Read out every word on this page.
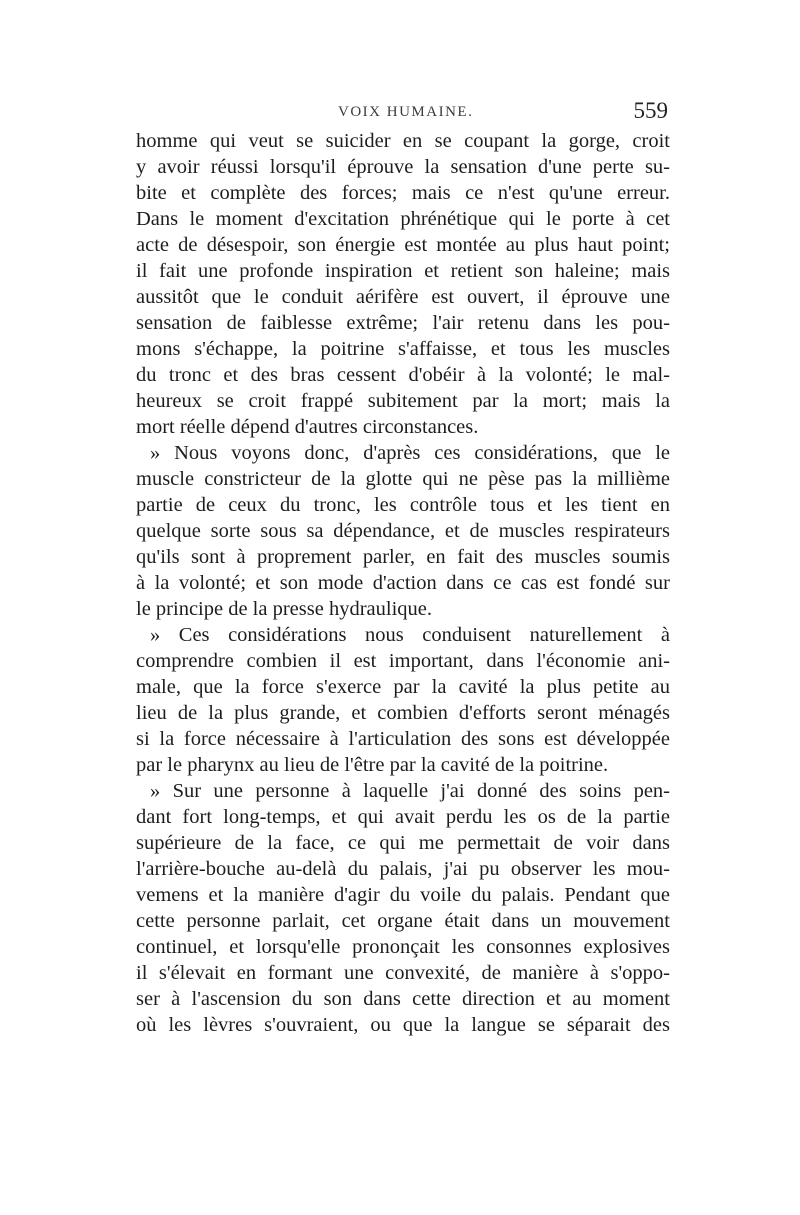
VOIX HUMAINE.	559
homme qui veut se suicider en se coupant la gorge, croit
y avoir réussi lorsqu'il éprouve la sensation d'une perte su-
bite et complète des forces; mais ce n'est qu'une erreur.
Dans le moment d'excitation phrénétique qui le porte à cet
acte de désespoir, son énergie est montée au plus haut point;
il fait une profonde inspiration et retient son haleine; mais
aussitôt que le conduit aérifère est ouvert, il éprouve une
sensation de faiblesse extrême; l'air retenu dans les pou-
mons s'échappe, la poitrine s'affaisse, et tous les muscles
du tronc et des bras cessent d'obéir à la volonté; le mal-
heureux se croit frappé subitement par la mort; mais la
mort réelle dépend d'autres circonstances.
» Nous voyons donc, d'après ces considérations, que le
muscle constricteur de la glotte qui ne pèse pas la millième
partie de ceux du tronc, les contrôle tous et les tient en
quelque sorte sous sa dépendance, et de muscles respirateurs
qu'ils sont à proprement parler, en fait des muscles soumis
à la volonté; et son mode d'action dans ce cas est fondé sur
le principe de la presse hydraulique.
» Ces considérations nous conduisent naturellement à
comprendre combien il est important, dans l'économie ani-
male, que la force s'exerce par la cavité la plus petite au
lieu de la plus grande, et combien d'efforts seront ménagés
si la force nécessaire à l'articulation des sons est développée
par le pharynx au lieu de l'être par la cavité de la poitrine.
» Sur une personne à laquelle j'ai donné des soins pen-
dant fort long-temps, et qui avait perdu les os de la partie
supérieure de la face, ce qui me permettait de voir dans
l'arrière-bouche au-delà du palais, j'ai pu observer les mou-
vemens et la manière d'agir du voile du palais. Pendant que
cette personne parlait, cet organe était dans un mouvement
continuel, et lorsqu'elle prononçait les consonnes explosives
il s'élevait en formant une convexité, de manière à s'oppo-
ser à l'ascension du son dans cette direction et au moment
où les lèvres s'ouvraient, ou que la langue se séparait des
